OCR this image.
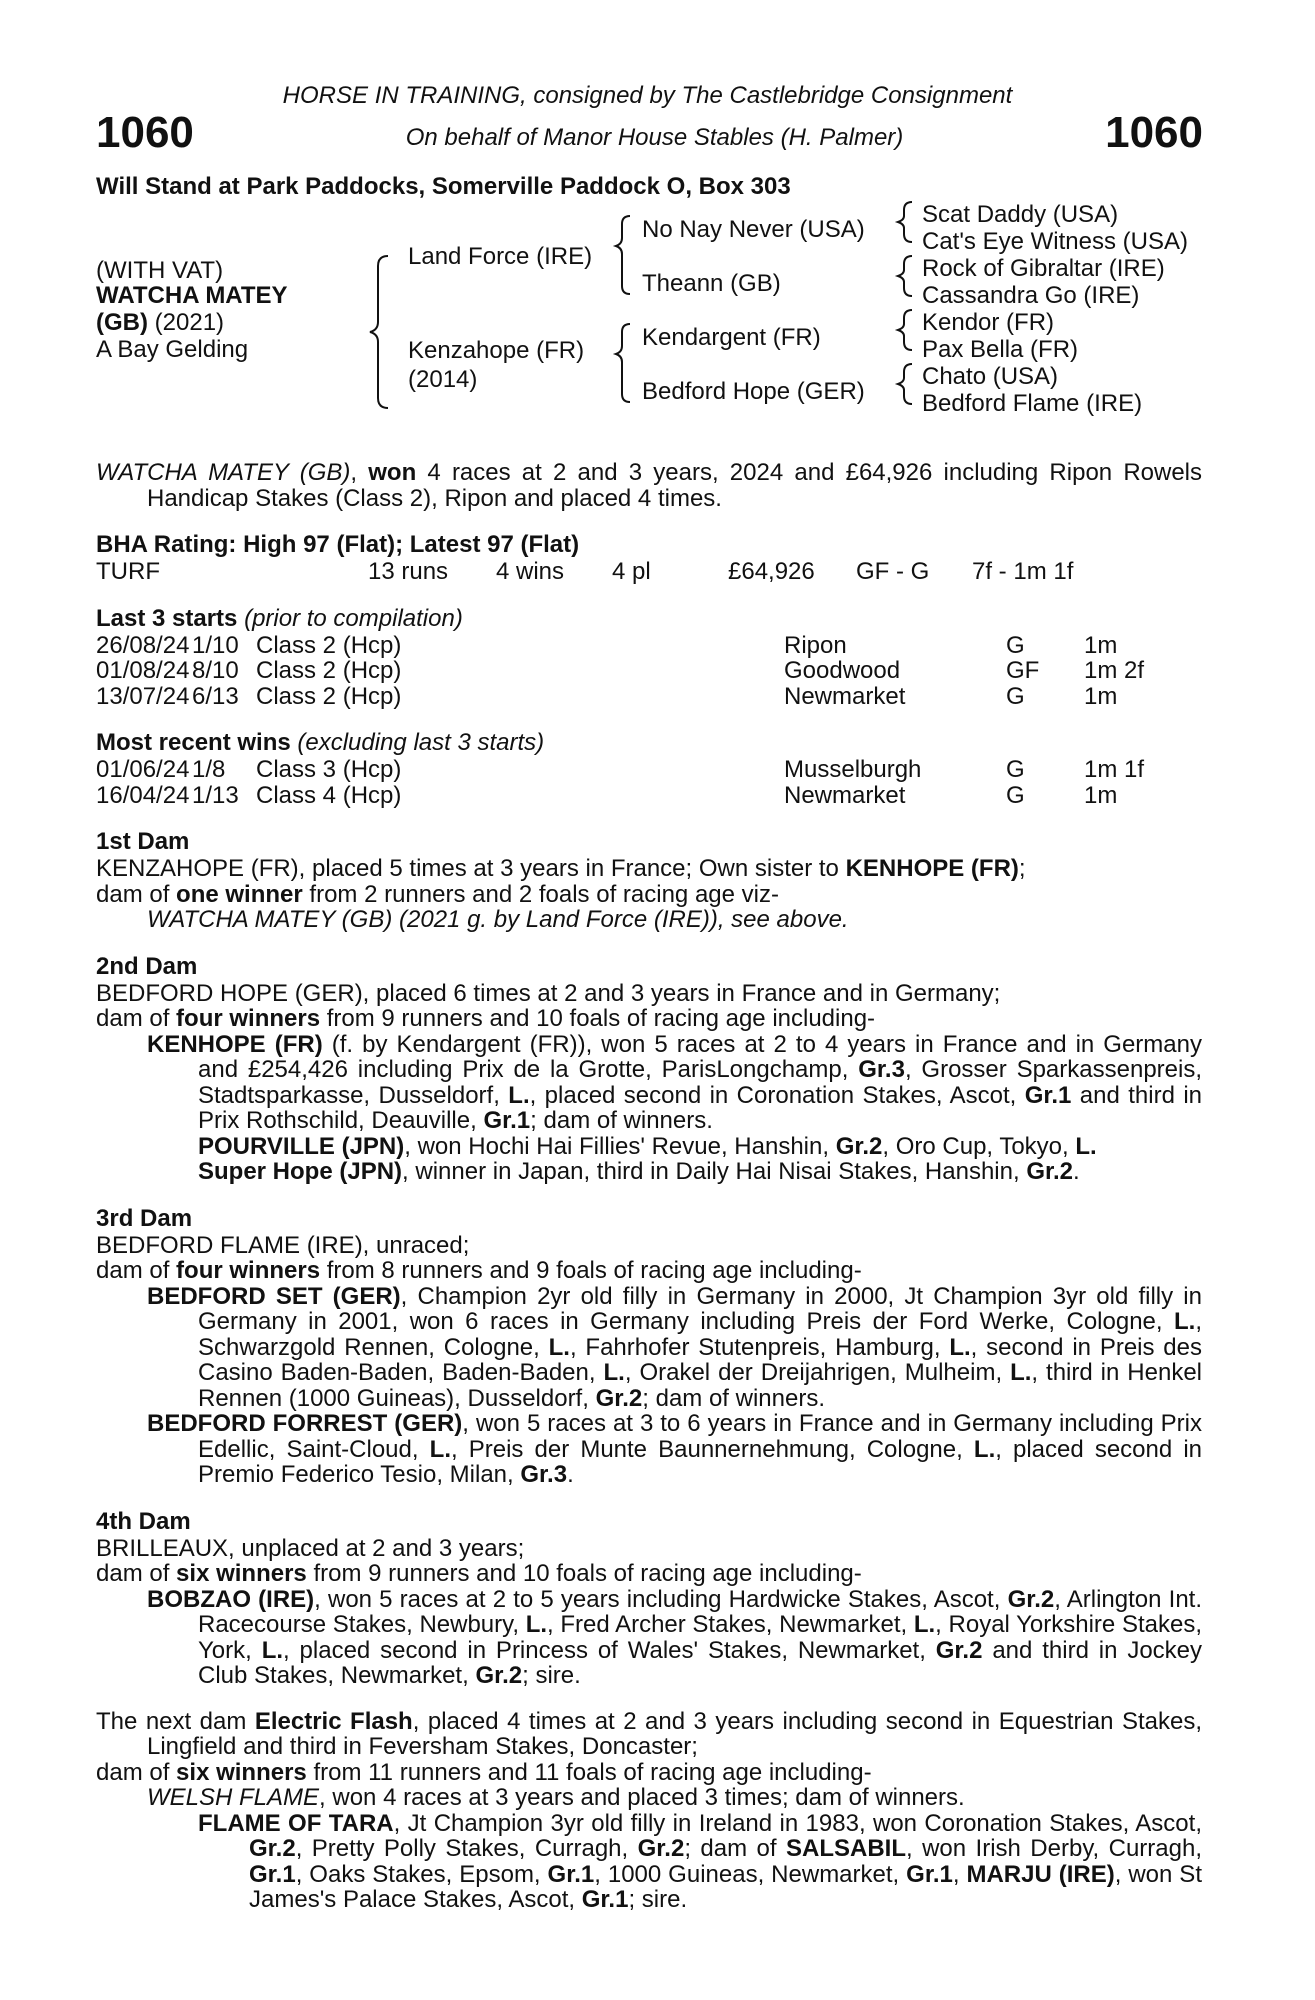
1060	1060
HORSE IN TRAINING, consigned by The Castlebridge Consignment
On behalf of Manor House Stables (H. Palmer)
Will Stand at Park Paddocks, Somerville Paddock O, Box 303
(WITH VAT)
WATCHA MATEY
(GB) (2021)
A Bay Gelding
Land Force (IRE)
Kenzahope (FR)
(2014)
No Nay Never (USA)
Theann (GB)
Kendargent (FR)
Bedford Hope (GER)
Scat Daddy (USA)
Cat's Eye Witness (USA)
Rock of Gibraltar (IRE)
Cassandra Go (IRE)
Kendor (FR)
Pax Bella (FR)
Chato (USA)
Bedford Flame (IRE)
WATCHA MATEY (GB), won 4 races at 2 and 3 years, 2024 and £64,926 including Ripon Rowels Handicap Stakes (Class 2), Ripon and placed 4 times.
BHA Rating: High 97 (Flat); Latest 97 (Flat)
TURF	13 runs	4 wins	4 pl	£64,926	GF - G	7f - 1m 1f
Last 3 starts (prior to compilation)
26/08/24 1/10 Class 2 (Hcp)	Ripon	G	1m
01/08/24 8/10 Class 2 (Hcp)	Goodwood	GF	1m 2f
13/07/24 6/13 Class 2 (Hcp)	Newmarket	G	1m
Most recent wins (excluding last 3 starts)
01/06/24 1/8	Class 3 (Hcp)	Musselburgh	G	1m 1f
16/04/24 1/13 Class 4 (Hcp)	Newmarket	G	1m
1st Dam
KENZAHOPE (FR), placed 5 times at 3 years in France; Own sister to KENHOPE (FR);
dam of one winner from 2 runners and 2 foals of racing age viz-
WATCHA MATEY (GB) (2021 g. by Land Force (IRE)), see above.
2nd Dam
BEDFORD HOPE (GER), placed 6 times at 2 and 3 years in France and in Germany;
dam of four winners from 9 runners and 10 foals of racing age including-
KENHOPE (FR) (f. by Kendargent (FR)), won 5 races at 2 to 4 years in France and in Germany and £254,426 including Prix de la Grotte, ParisLongchamp, Gr.3, Grosser Sparkassenpreis, Stadtsparkasse, Dusseldorf, L., placed second in Coronation Stakes, Ascot, Gr.1 and third in Prix Rothschild, Deauville, Gr.1; dam of winners.
POURVILLE (JPN), won Hochi Hai Fillies' Revue, Hanshin, Gr.2, Oro Cup, Tokyo, L.
Super Hope (JPN), winner in Japan, third in Daily Hai Nisai Stakes, Hanshin, Gr.2.
3rd Dam
BEDFORD FLAME (IRE), unraced;
dam of four winners from 8 runners and 9 foals of racing age including-
BEDFORD SET (GER), Champion 2yr old filly in Germany in 2000, Jt Champion 3yr old filly in Germany in 2001, won 6 races in Germany including Preis der Ford Werke, Cologne, L., Schwarzgold Rennen, Cologne, L., Fahrhofer Stutenpreis, Hamburg, L., second in Preis des Casino Baden-Baden, Baden-Baden, L., Orakel der Dreijahrigen, Mulheim, L., third in Henkel Rennen (1000 Guineas), Dusseldorf, Gr.2; dam of winners.
BEDFORD FORREST (GER), won 5 races at 3 to 6 years in France and in Germany including Prix Edellic, Saint-Cloud, L., Preis der Munte Baunnernehmung, Cologne, L., placed second in Premio Federico Tesio, Milan, Gr.3.
4th Dam
BRILLEAUX, unplaced at 2 and 3 years;
dam of six winners from 9 runners and 10 foals of racing age including-
BOBZAO (IRE), won 5 races at 2 to 5 years including Hardwicke Stakes, Ascot, Gr.2, Arlington Int. Racecourse Stakes, Newbury, L., Fred Archer Stakes, Newmarket, L., Royal Yorkshire Stakes, York, L., placed second in Princess of Wales' Stakes, Newmarket, Gr.2 and third in Jockey Club Stakes, Newmarket, Gr.2; sire.
The next dam Electric Flash, placed 4 times at 2 and 3 years including second in Equestrian Stakes, Lingfield and third in Feversham Stakes, Doncaster;
dam of six winners from 11 runners and 11 foals of racing age including-
WELSH FLAME, won 4 races at 3 years and placed 3 times; dam of winners.
FLAME OF TARA, Jt Champion 3yr old filly in Ireland in 1983, won Coronation Stakes, Ascot, Gr.2, Pretty Polly Stakes, Curragh, Gr.2; dam of SALSABIL, won Irish Derby, Curragh, Gr.1, Oaks Stakes, Epsom, Gr.1, 1000 Guineas, Newmarket, Gr.1, MARJU (IRE), won St James's Palace Stakes, Ascot, Gr.1; sire.
